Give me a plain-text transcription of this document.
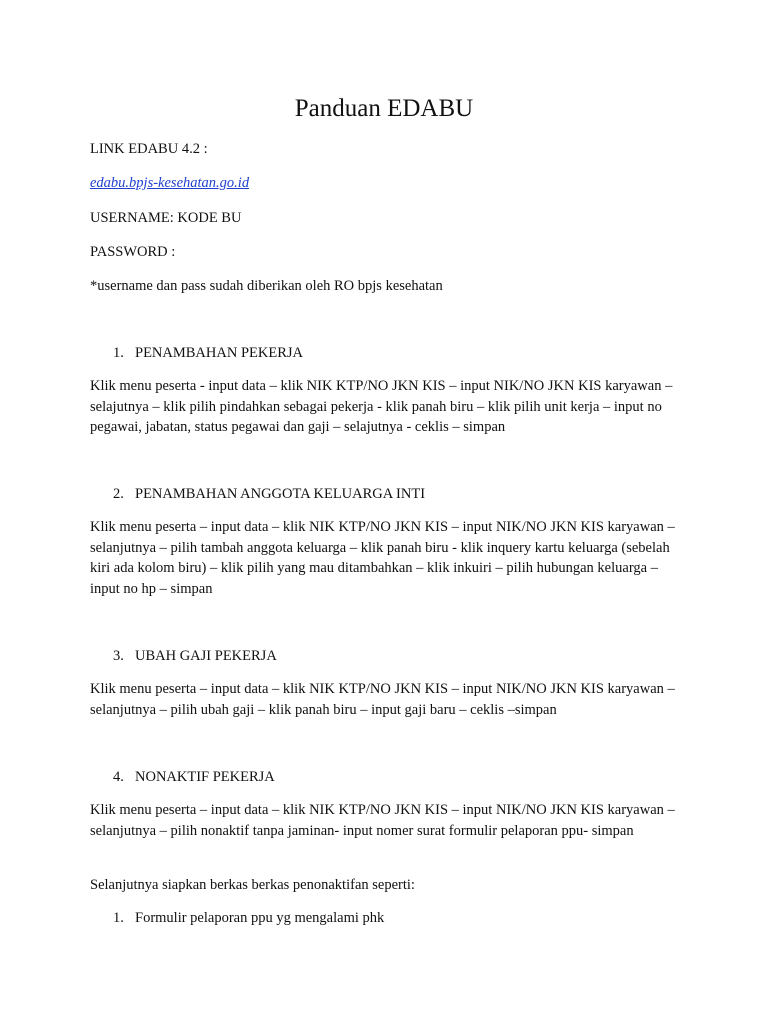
Panduan EDABU
LINK EDABU 4.2 :
edabu.bpjs-kesehatan.go.id
USERNAME: KODE BU
PASSWORD :
*username dan pass sudah diberikan oleh RO bpjs kesehatan
1. PENAMBAHAN PEKERJA
Klik menu peserta - input data – klik NIK KTP/NO JKN KIS – input NIK/NO JKN KIS karyawan – selajutnya – klik pilih pindahkan sebagai pekerja - klik panah biru – klik pilih unit kerja – input no pegawai, jabatan, status pegawai dan gaji – selajutnya - ceklis – simpan
2. PENAMBAHAN ANGGOTA KELUARGA INTI
Klik menu peserta – input data – klik NIK KTP/NO JKN KIS – input NIK/NO JKN KIS karyawan – selanjutnya – pilih tambah anggota keluarga – klik panah biru - klik inquery kartu keluarga (sebelah kiri ada kolom biru) – klik pilih yang mau ditambahkan – klik inkuiri – pilih hubungan keluarga – input no hp – simpan
3. UBAH GAJI PEKERJA
Klik menu peserta – input data – klik NIK KTP/NO JKN KIS – input NIK/NO JKN KIS karyawan – selanjutnya – pilih ubah gaji – klik panah biru – input gaji baru – ceklis –simpan
4. NONAKTIF PEKERJA
Klik menu peserta – input data – klik NIK KTP/NO JKN KIS – input NIK/NO JKN KIS karyawan – selanjutnya – pilih nonaktif tanpa jaminan- input nomer surat formulir pelaporan ppu- simpan
Selanjutnya siapkan berkas berkas penonaktifan seperti:
1. Formulir pelaporan ppu yg mengalami phk
